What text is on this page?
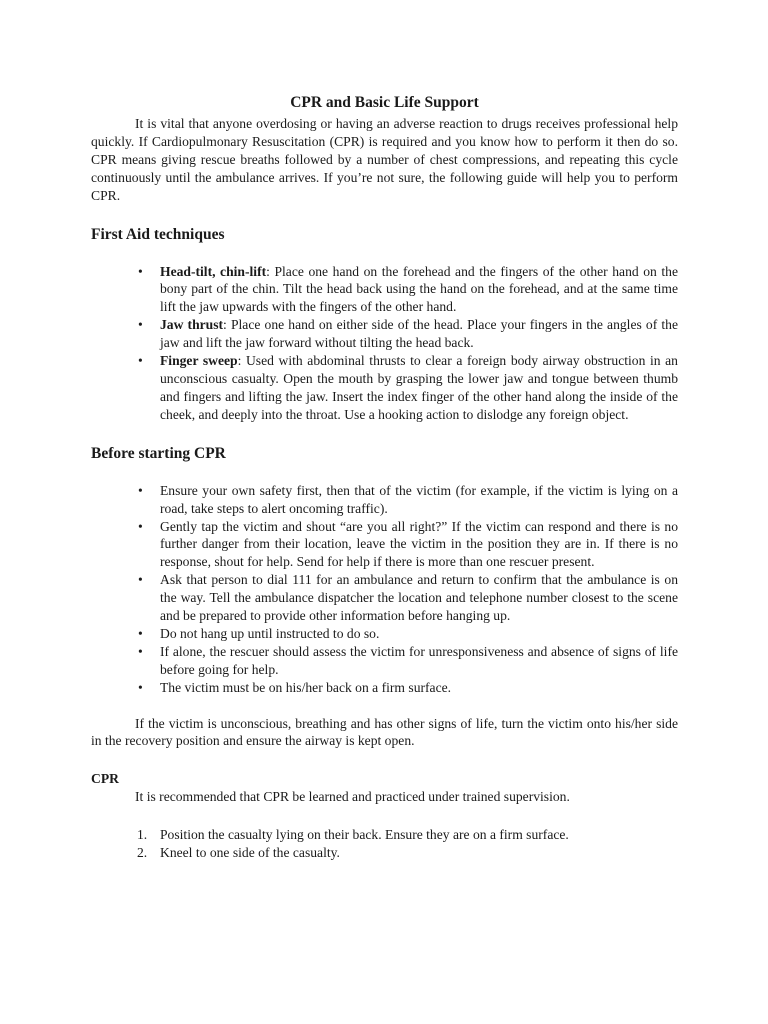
CPR and Basic Life Support

It is vital that anyone overdosing or having an adverse reaction to drugs receives professional help quickly. If Cardiopulmonary Resuscitation (CPR) is required and you know how to perform it then do so. CPR means giving rescue breaths followed by a number of chest compressions, and repeating this cycle continuously until the ambulance arrives. If you’re not sure, the following guide will help you to perform CPR.

First Aid techniques
• Head-tilt, chin-lift: Place one hand on the forehead and the fingers of the other hand on the bony part of the chin. Tilt the head back using the hand on the forehead, and at the same time lift the jaw upwards with the fingers of the other hand.
• Jaw thrust: Place one hand on either side of the head. Place your fingers in the angles of the jaw and lift the jaw forward without tilting the head back.
• Finger sweep: Used with abdominal thrusts to clear a foreign body airway obstruction in an unconscious casualty. Open the mouth by grasping the lower jaw and tongue between thumb and fingers and lifting the jaw. Insert the index finger of the other hand along the inside of the cheek, and deeply into the throat. Use a hooking action to dislodge any foreign object.
Before starting CPR
• Ensure your own safety first, then that of the victim (for example, if the victim is lying on a road, take steps to alert oncoming traffic).
• Gently tap the victim and shout “are you all right?” If the victim can respond and there is no further danger from their location, leave the victim in the position they are in. If there is no response, shout for help. Send for help if there is more than one rescuer present.
• Ask that person to dial 111 for an ambulance and return to confirm that the ambulance is on the way. Tell the ambulance dispatcher the location and telephone number closest to the scene and be prepared to provide other information before hanging up.
• Do not hang up until instructed to do so.
• If alone, the rescuer should assess the victim for unresponsiveness and absence of signs of life before going for help.
• The victim must be on his/her back on a firm surface.

If the victim is unconscious, breathing and has other signs of life, turn the victim onto his/her side in the recovery position and ensure the airway is kept open.

CPR

It is recommended that CPR be learned and practiced under trained supervision.

1. Position the casualty lying on their back. Ensure they are on a firm surface.
2. Kneel to one side of the casualty.
